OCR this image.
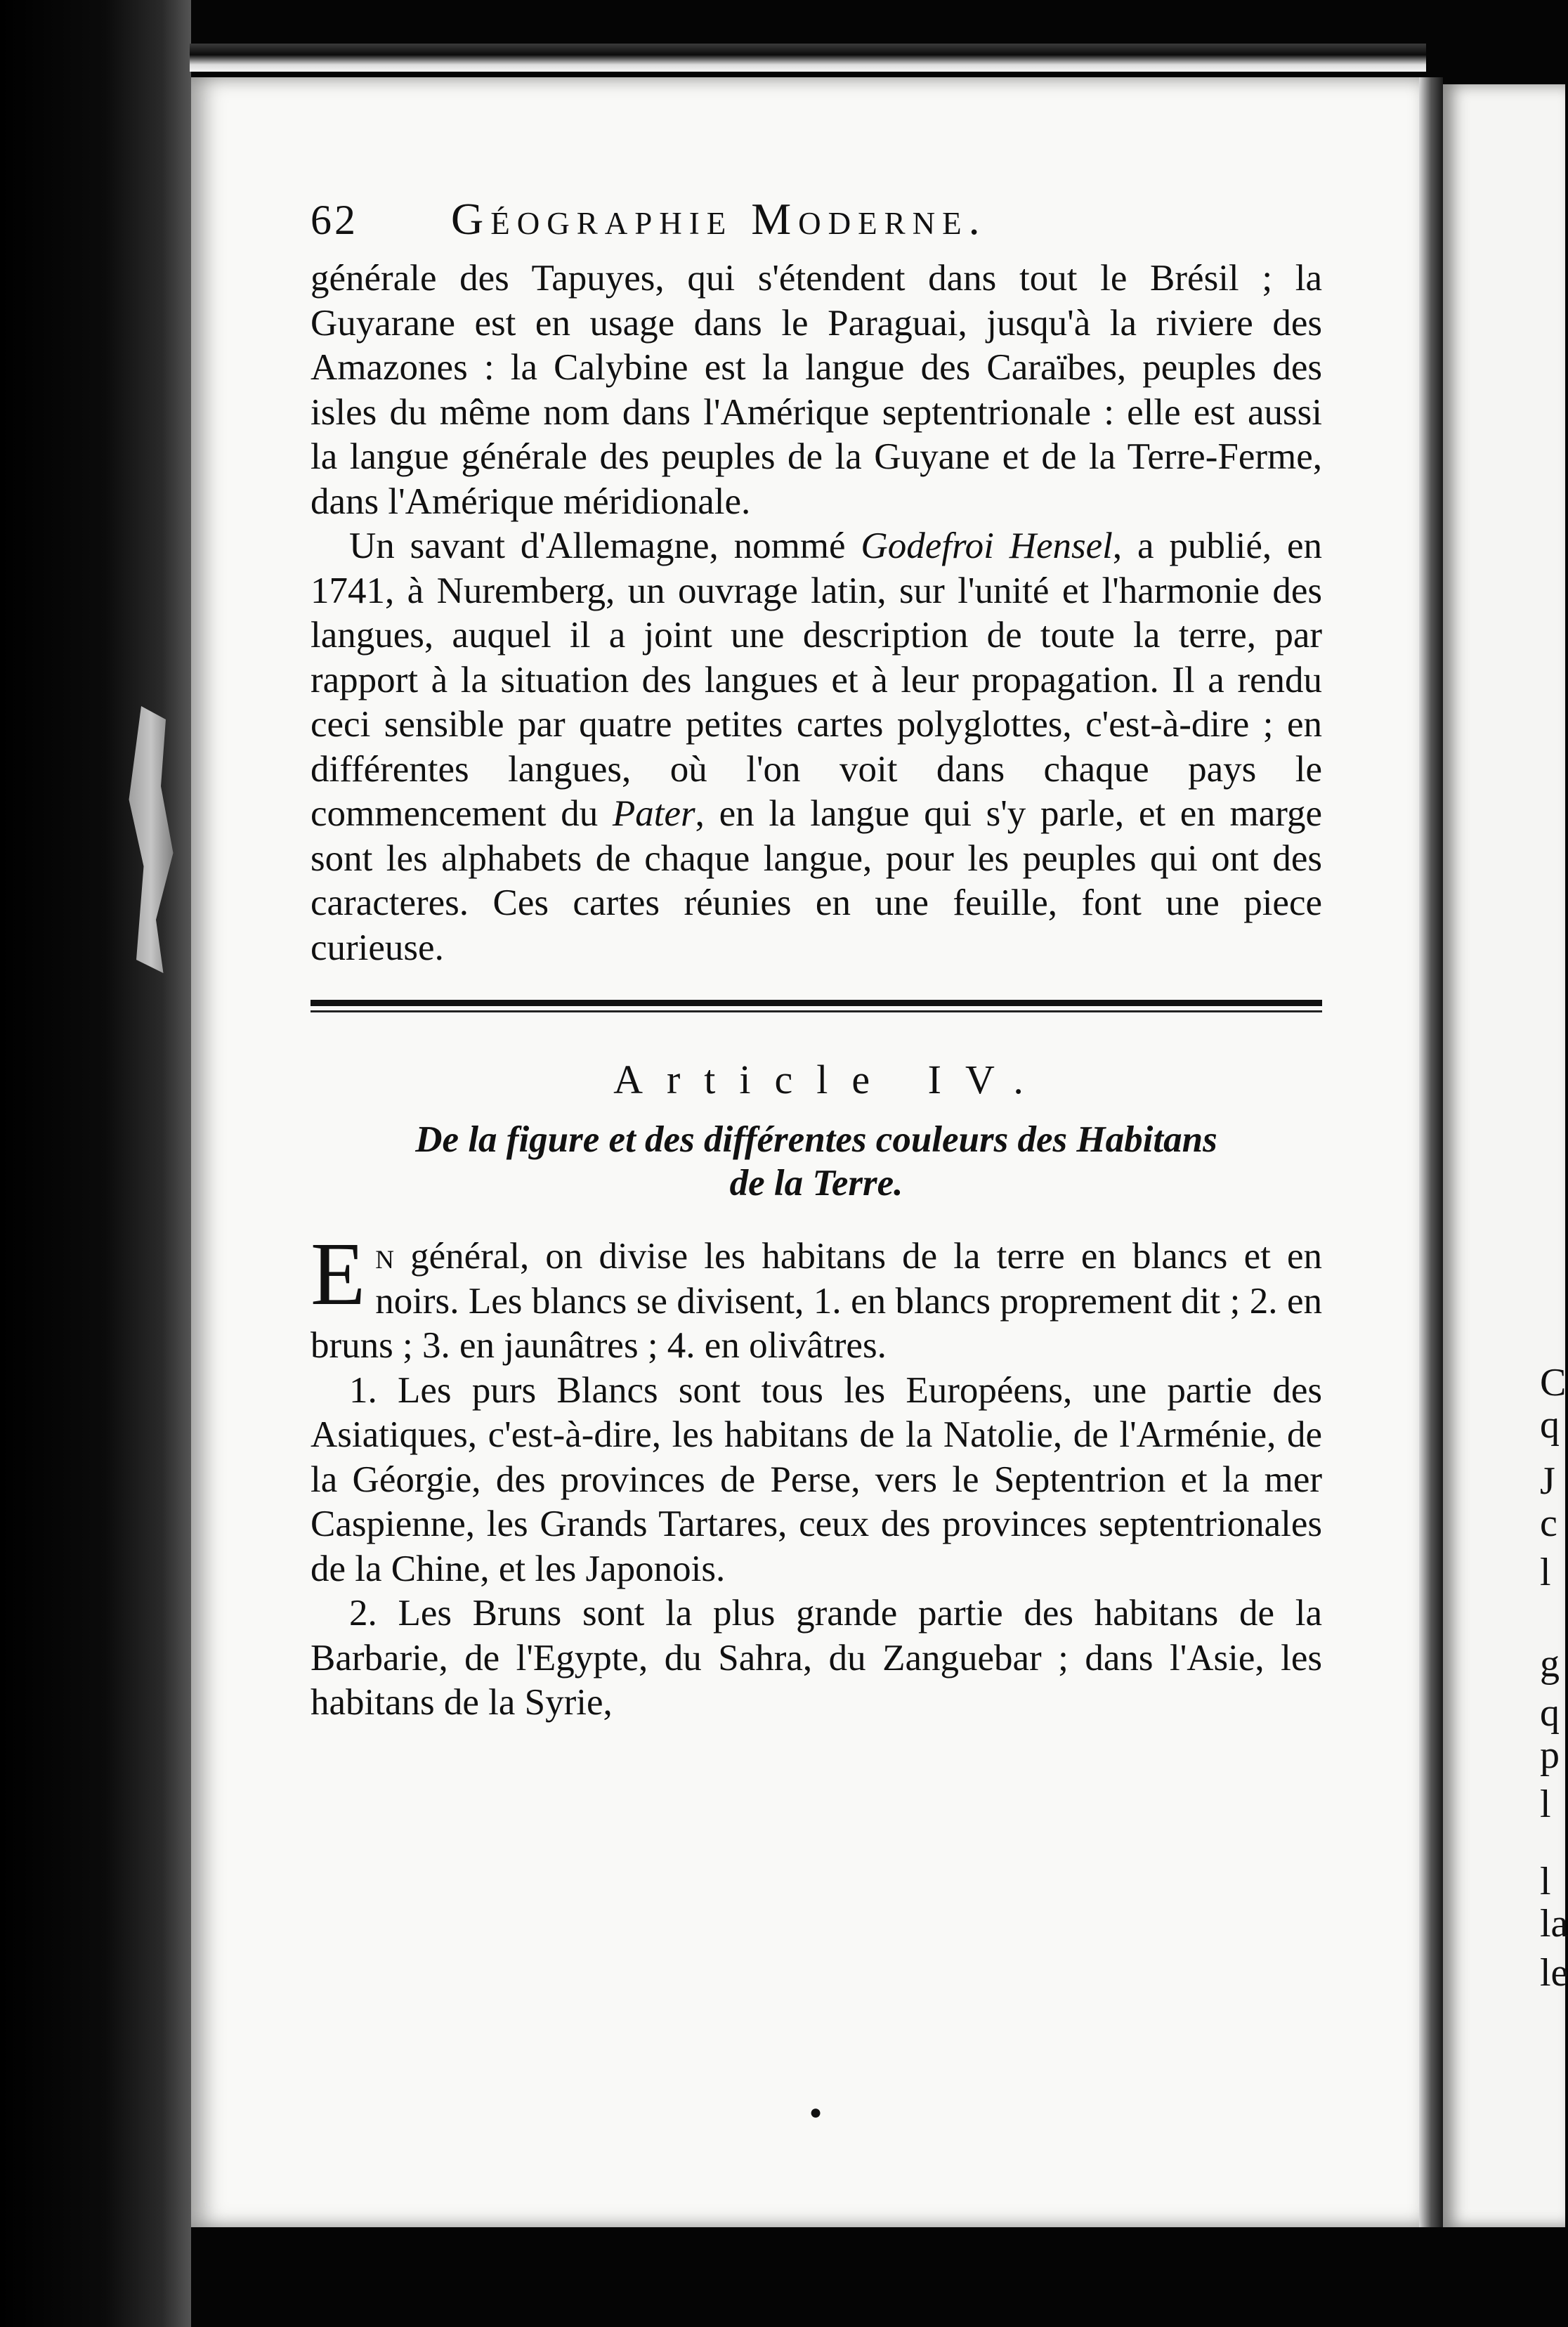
62	Géographie Moderne.

générale des Tapuyes, qui s'étendent dans tout le Brésil ; la Guyarane est en usage dans le Paraguai, jusqu'à la riviere des Amazones : la Calybine est la langue des Caraïbes, peuples des isles du même nom dans l'Amérique septentrionale : elle est aussi la langue générale des peuples de la Guyane et de la Terre-Ferme, dans l'Amérique méridionale.

Un savant d'Allemagne, nommé Godefroi Hensel, a publié, en 1741, à Nuremberg, un ouvrage latin, sur l'unité et l'harmonie des langues, auquel il a joint une description de toute la terre, par rapport à la situation des langues et à leur propagation. Il a rendu ceci sensible par quatre petites cartes polyglottes, c'est-à-dire ; en différentes langues, où l'on voit dans chaque pays le commencement du Pater, en la langue qui s'y parle, et en marge sont les alphabets de chaque langue, pour les peuples qui ont des caracteres. Ces cartes réunies en une feuille, font une piece curieuse.

Article IV.
De la figure et des différentes couleurs des Habitans
de la Terre.

En général, on divise les habitans de la terre en blancs et en noirs. Les blancs se divisent, 1. en blancs proprement dit ; 2. en bruns ; 3. en jaunâtres ; 4. en olivâtres.

1. Les purs Blancs sont tous les Européens, une partie des Asiatiques, c'est-à-dire, les habitans de la Natolie, de l'Arménie, de la Géorgie, des provinces de Perse, vers le Septentrion et la mer Caspienne, les Grands Tartares, ceux des provinces septentrionales de la Chine, et les Japonois.

2. Les Bruns sont la plus grande partie des habitans de la Barbarie, de l'Egypte, du Sahra, du Zanguebar ; dans l'Asie, les habitans de la Syrie,

●
C
q
J
c
l
g
q
p
l
l
la
le
